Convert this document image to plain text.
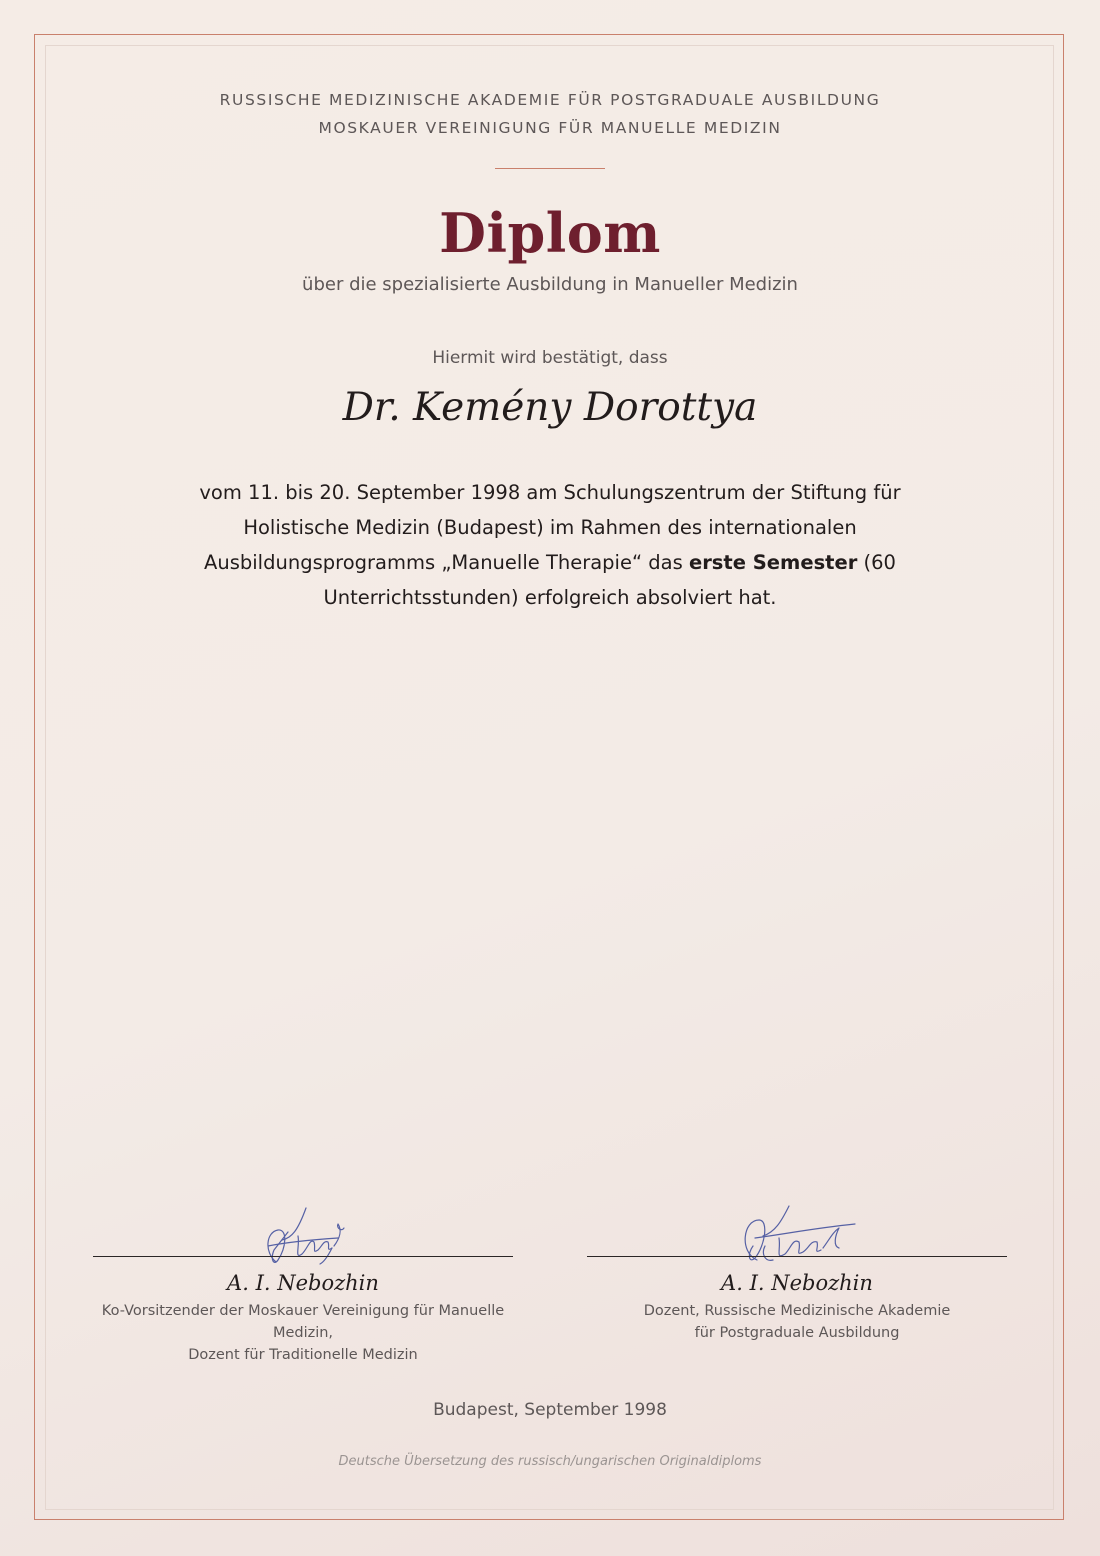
RUSSISCHE MEDIZINISCHE AKADEMIE FÜR POSTGRADUALE AUSBILDUNG
MOSKAUER VEREINIGUNG FÜR MANUELLE MEDIZIN
Diplom
über die spezialisierte Ausbildung in Manueller Medizin
Hiermit wird bestätigt, dass
Dr. Kemény Dorottya
vom 11. bis 20. September 1998 am Schulungszentrum der Stiftung für Holistische Medizin (Budapest) im Rahmen des internationalen Ausbildungsprogramms „Manuelle Therapie“ das erste Semester (60 Unterrichtsstunden) erfolgreich absolviert hat.
A. I. Nebozhin
Ko-Vorsitzender der Moskauer Vereinigung für Manuelle
Medizin,
Dozent für Traditionelle Medizin
A. I. Nebozhin
Dozent, Russische Medizinische Akademie
für Postgraduale Ausbildung
Budapest, September 1998
Deutsche Übersetzung des russisch/ungarischen Originaldiploms
